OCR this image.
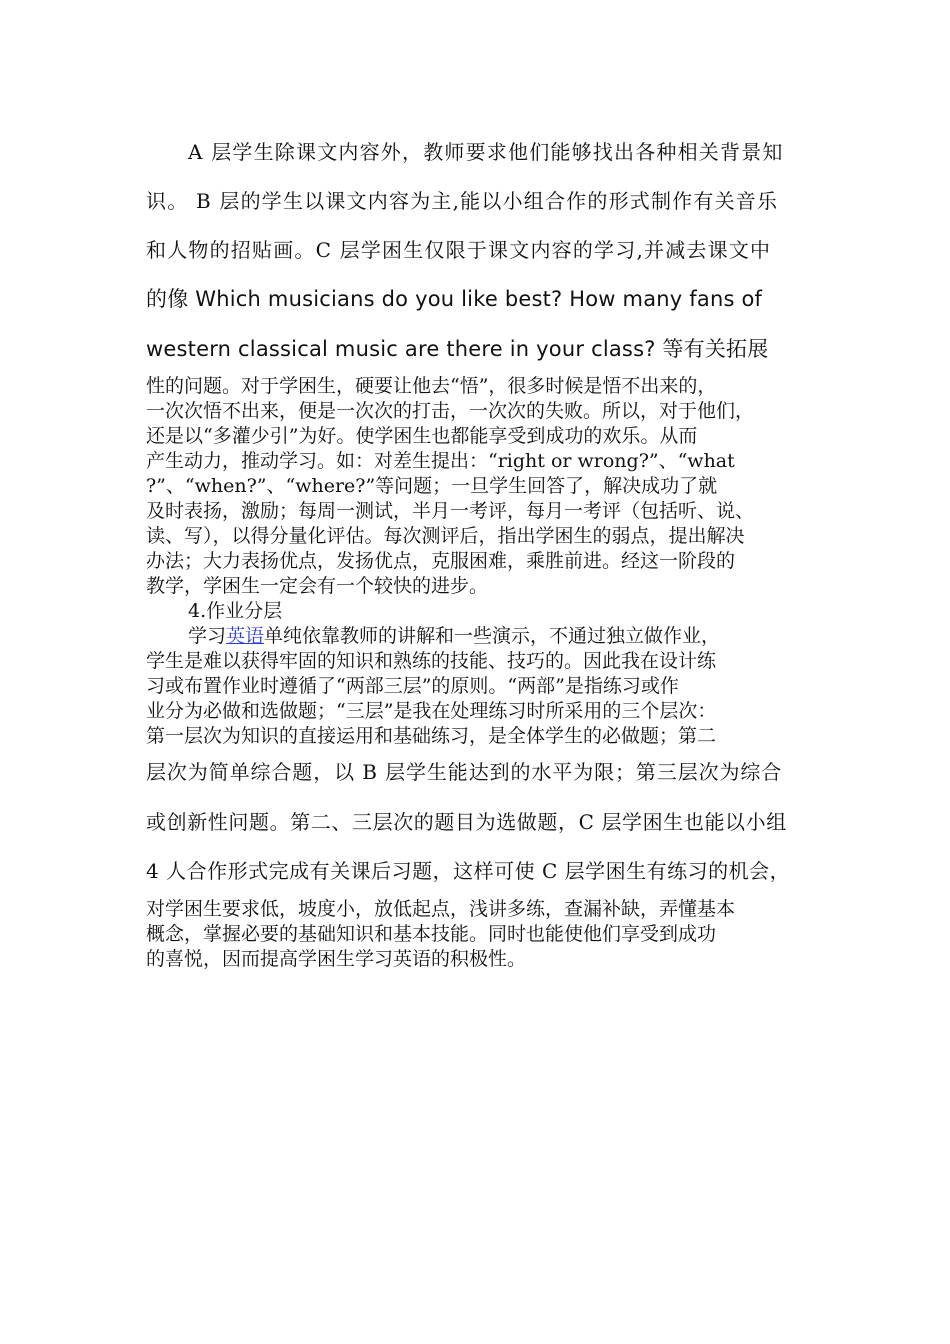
A 层学生除课文内容外，教师要求他们能够找出各种相关背景知
识。 B 层的学生以课文内容为主,能以小组合作的形式制作有关音乐
和人物的招贴画。C 层学困生仅限于课文内容的学习,并减去课文中
的像 Which musicians do you like best? How many fans of
western classical music are there in your class? 等有关拓展
性的问题。对于学困生，硬要让他去“悟”，很多时候是悟不出来的，
一次次悟不出来，便是一次次的打击，一次次的失败。所以，对于他们，
还是以“多灌少引”为好。使学困生也都能享受到成功的欢乐。从而
产生动力，推动学习。如：对差生提出：“right or wrong?”、“what
?”、“when?”、“where?”等问题；一旦学生回答了，解决成功了就
及时表扬，激励；每周一测试，半月一考评，每月一考评（包括听、说、
读、写），以得分量化评估。每次测评后，指出学困生的弱点，提出解决
办法；大力表扬优点，发扬优点，克服困难，乘胜前进。经这一阶段的
教学，学困生一定会有一个较快的进步。
4.作业分层
学习英语单纯依靠教师的讲解和一些演示，不通过独立做作业，
学生是难以获得牢固的知识和熟练的技能、技巧的。因此我在设计练
习或布置作业时遵循了“两部三层”的原则。“两部”是指练习或作
业分为必做和选做题；“三层”是我在处理练习时所采用的三个层次：
第一层次为知识的直接运用和基础练习，是全体学生的必做题；第二
层次为简单综合题，以 B 层学生能达到的水平为限；第三层次为综合
或创新性问题。第二、三层次的题目为选做题，C 层学困生也能以小组
4 人合作形式完成有关课后习题，这样可使 C 层学困生有练习的机会，
对学困生要求低，坡度小，放低起点，浅讲多练，查漏补缺，弄懂基本
概念，掌握必要的基础知识和基本技能。同时也能使他们享受到成功
的喜悦，因而提高学困生学习英语的积极性。
